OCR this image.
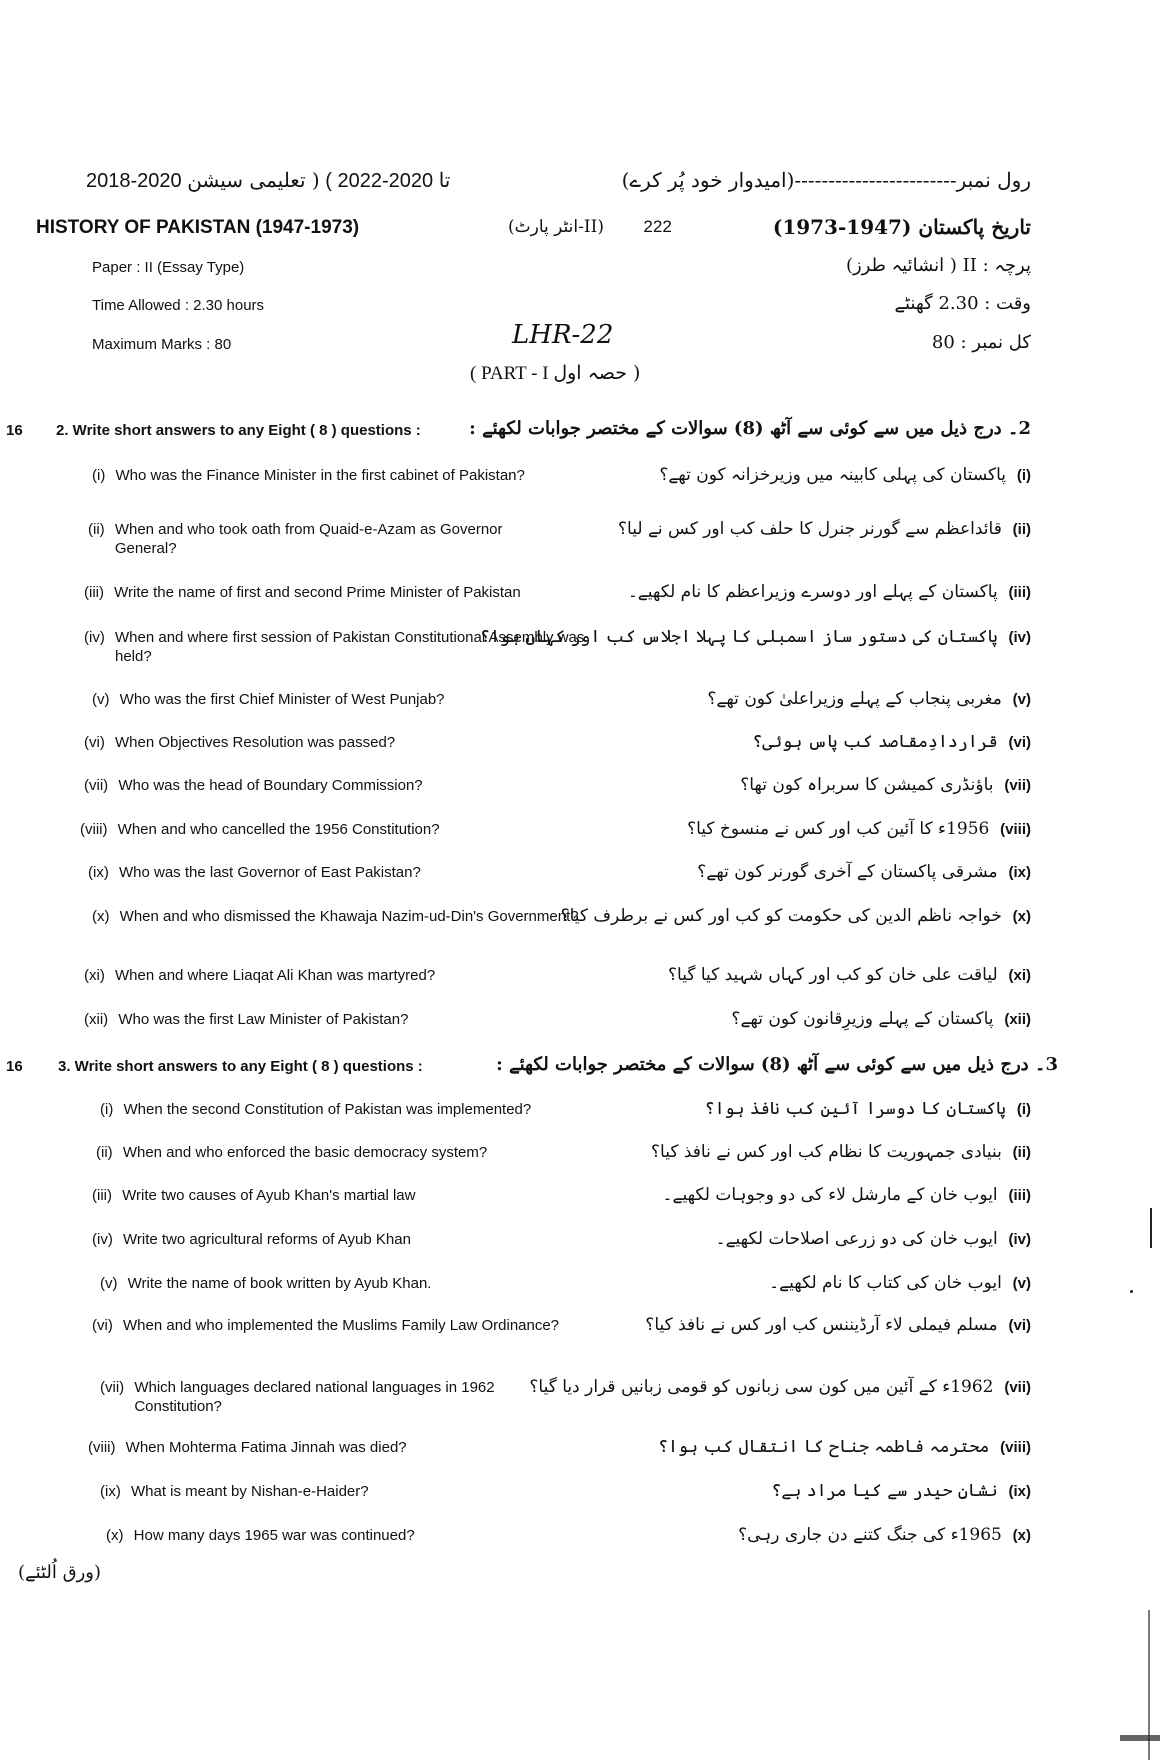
رول نمبر------------------------(امیدوار خود پُر کرے)
2018-2020 تا 2020-2022 ) ( تعلیمی سیشن
HISTORY OF PAKISTAN (1947-1973)	(انٹر پارٹ-II) 222	تاریخ پاکستان (1947-1973)
Paper : II (Essay Type)	پرچہ : II ( انشائیہ طرز)
Time Allowed : 2.30 hours	وقت : 2.30 گھنٹے
Maximum Marks : 80	LHR-22	کل نمبر : 80
( PART - I حصہ اول )
16 2. Write short answers to any Eight ( 8 ) questions :	2۔ درج ذیل میں سے کوئی سے آٹھ (8) سوالات کے مختصر جوابات لکھئے :
(i) Who was the Finance Minister in the first cabinet of Pakistan?	(i)  پاکستان کی پہلی کابینہ میں وزیرخزانہ کون تھے؟
(ii) When and who took oath from Quaid-e-Azam as Governor General?
(ii)  قائداعظم سے گورنر جنرل کا حلف کب اور کس نے لیا؟
(iii) Write the name of first and second Prime Minister of Pakistan	(iii)  پاکستان کے پہلے اور دوسرے وزیراعظم کا نام لکھیے۔
(iv) When and where first session of Pakistan Constitutional Assembly was held?
(iv)  پاکستان کی دستور ساز اسمبلی کا پہلا اجلاس کب اور کہاں ہوا؟
(v) Who was the first Chief Minister of West Punjab?	(v)  مغربی پنجاب کے پہلے وزیراعلیٰ کون تھے؟
(vi) When Objectives Resolution was passed?	(vi)  قراردادِمقاصد کب پاس ہوئی؟
(vii) Who was the head of Boundary Commission?	(vii)  باؤنڈری کمیشن کا سربراہ کون تھا؟
(viii) When and who cancelled the 1956 Constitution?	(viii)  1956ء کا آئین کب اور کس نے منسوخ کیا؟
(ix) Who was the last Governor of East Pakistan?	(ix)  مشرقی پاکستان کے آخری گورنر کون تھے؟
(x) When and who dismissed the Khawaja Nazim-ud-Din's Government?	(x)  خواجہ ناظم الدین کی حکومت کو کب اور کس نے برطرف کیا؟
(xi) When and where Liaqat Ali Khan was martyred?	(xi)  لیاقت علی خان کو کب اور کہاں شہید کیا گیا؟
(xii) Who was the first Law Minister of Pakistan?	(xii)  پاکستان کے پہلے وزیرِقانون کون تھے؟
16 3. Write short answers to any Eight ( 8 ) questions :	3۔ درج ذیل میں سے کوئی سے آٹھ (8) سوالات کے مختصر جوابات لکھئے :
(i) When the second Constitution of Pakistan was implemented?	(i)  پاکستان کا دوسرا آئین کب نافذ ہوا؟
(ii) When and who enforced the basic democracy system?	(ii)  بنیادی جمہوریت کا نظام کب اور کس نے نافذ کیا؟
(iii) Write two causes of Ayub Khan's martial law	(iii)  ایوب خان کے مارشل لاء کی دو وجوہات لکھیے۔
(iv) Write two agricultural reforms of Ayub Khan	(iv)  ایوب خان کی دو زرعی اصلاحات لکھیے۔
(v) Write the name of book written by Ayub Khan.	(v)  ایوب خان کی کتاب کا نام لکھیے۔
(vi) When and who implemented the Muslims Family Law Ordinance?	(vi)  مسلم فیملی لاء آرڈیننس کب اور کس نے نافذ کیا؟
(vii) Which languages declared national languages in 1962 Constitution?
(vii)  1962ء کے آئین میں کون سی زبانوں کو قومی زبانیں قرار دیا گیا؟
(viii) When Mohterma Fatima Jinnah was died?	(viii)  محترمہ فاطمہ جناح کا انتقال کب ہوا؟
(ix) What is meant by Nishan-e-Haider?	(ix)  نشانِ حیدر سے کیا مراد ہے؟
(x) How many days 1965 war was continued?	(x)  1965ء کی جنگ کتنے دن جاری رہی؟
(ورق اُلٹئے)
